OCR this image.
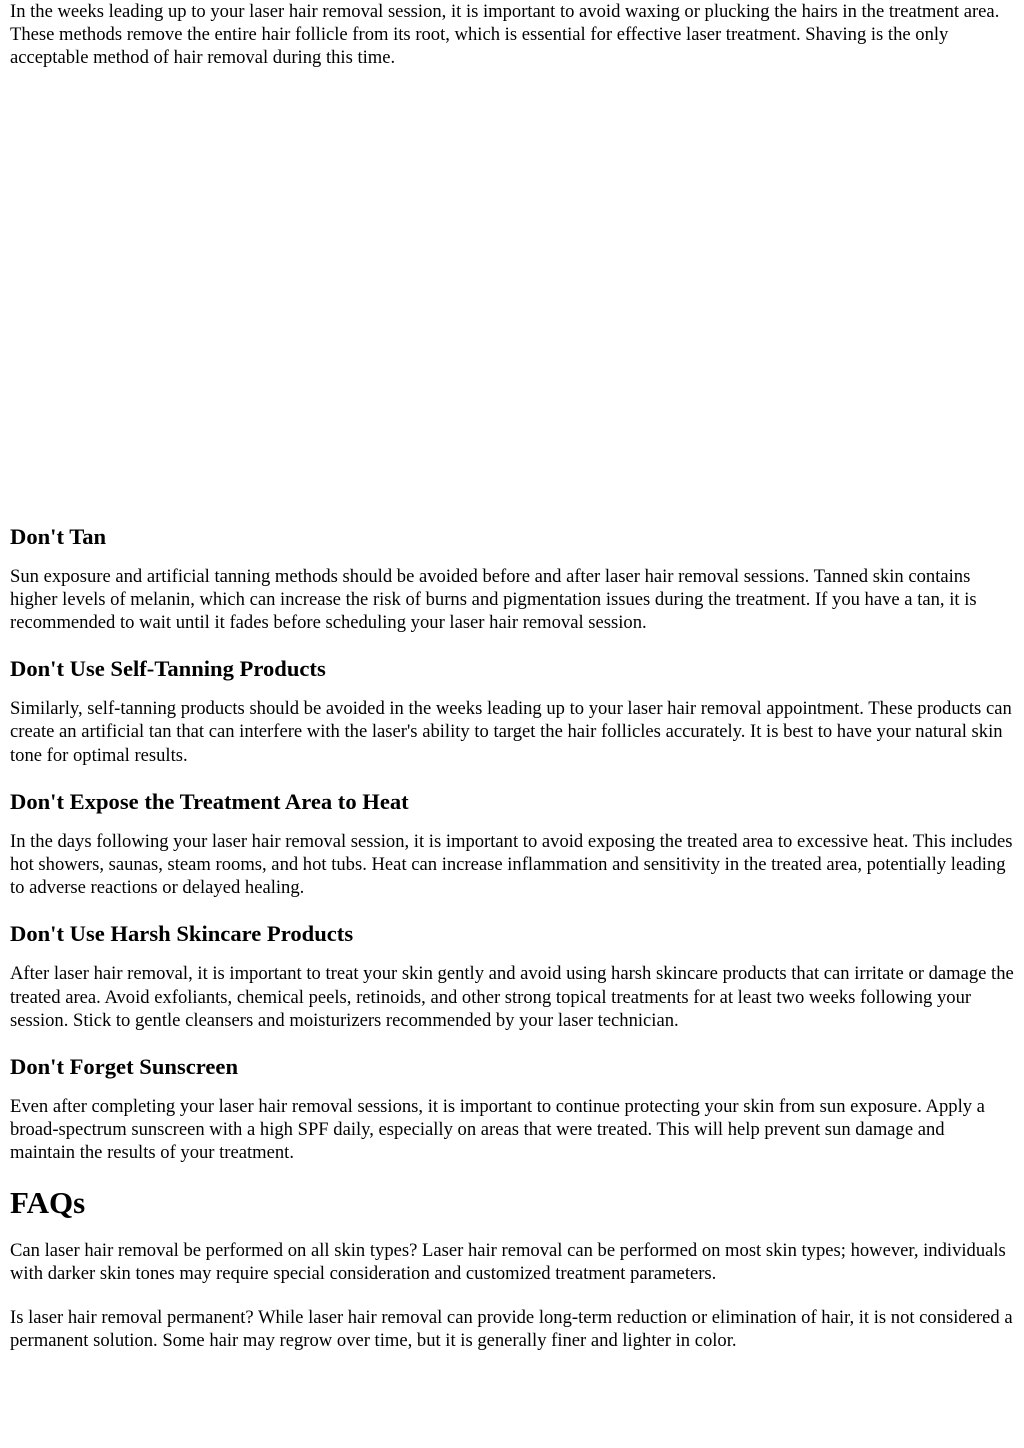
In the weeks leading up to your laser hair removal session, it is important to avoid waxing or plucking the hairs in the treatment area. These methods remove the entire hair follicle from its root, which is essential for effective laser treatment. Shaving is the only acceptable method of hair removal during this time.

Don't Tan

Sun exposure and artificial tanning methods should be avoided before and after laser hair removal sessions. Tanned skin contains higher levels of melanin, which can increase the risk of burns and pigmentation issues during the treatment. If you have a tan, it is recommended to wait until it fades before scheduling your laser hair removal session.

Don't Use Self-Tanning Products

Similarly, self-tanning products should be avoided in the weeks leading up to your laser hair removal appointment. These products can create an artificial tan that can interfere with the laser's ability to target the hair follicles accurately. It is best to have your natural skin tone for optimal results.

Don't Expose the Treatment Area to Heat

In the days following your laser hair removal session, it is important to avoid exposing the treated area to excessive heat. This includes hot showers, saunas, steam rooms, and hot tubs. Heat can increase inflammation and sensitivity in the treated area, potentially leading to adverse reactions or delayed healing.

Don't Use Harsh Skincare Products

After laser hair removal, it is important to treat your skin gently and avoid using harsh skincare products that can irritate or damage the treated area. Avoid exfoliants, chemical peels, retinoids, and other strong topical treatments for at least two weeks following your session. Stick to gentle cleansers and moisturizers recommended by your laser technician.

Don't Forget Sunscreen

Even after completing your laser hair removal sessions, it is important to continue protecting your skin from sun exposure. Apply a broad-spectrum sunscreen with a high SPF daily, especially on areas that were treated. This will help prevent sun damage and maintain the results of your treatment.

FAQs

Can laser hair removal be performed on all skin types? Laser hair removal can be performed on most skin types; however, individuals with darker skin tones may require special consideration and customized treatment parameters.

Is laser hair removal permanent? While laser hair removal can provide long-term reduction or elimination of hair, it is not considered a permanent solution. Some hair may regrow over time, but it is generally finer and lighter in color.
